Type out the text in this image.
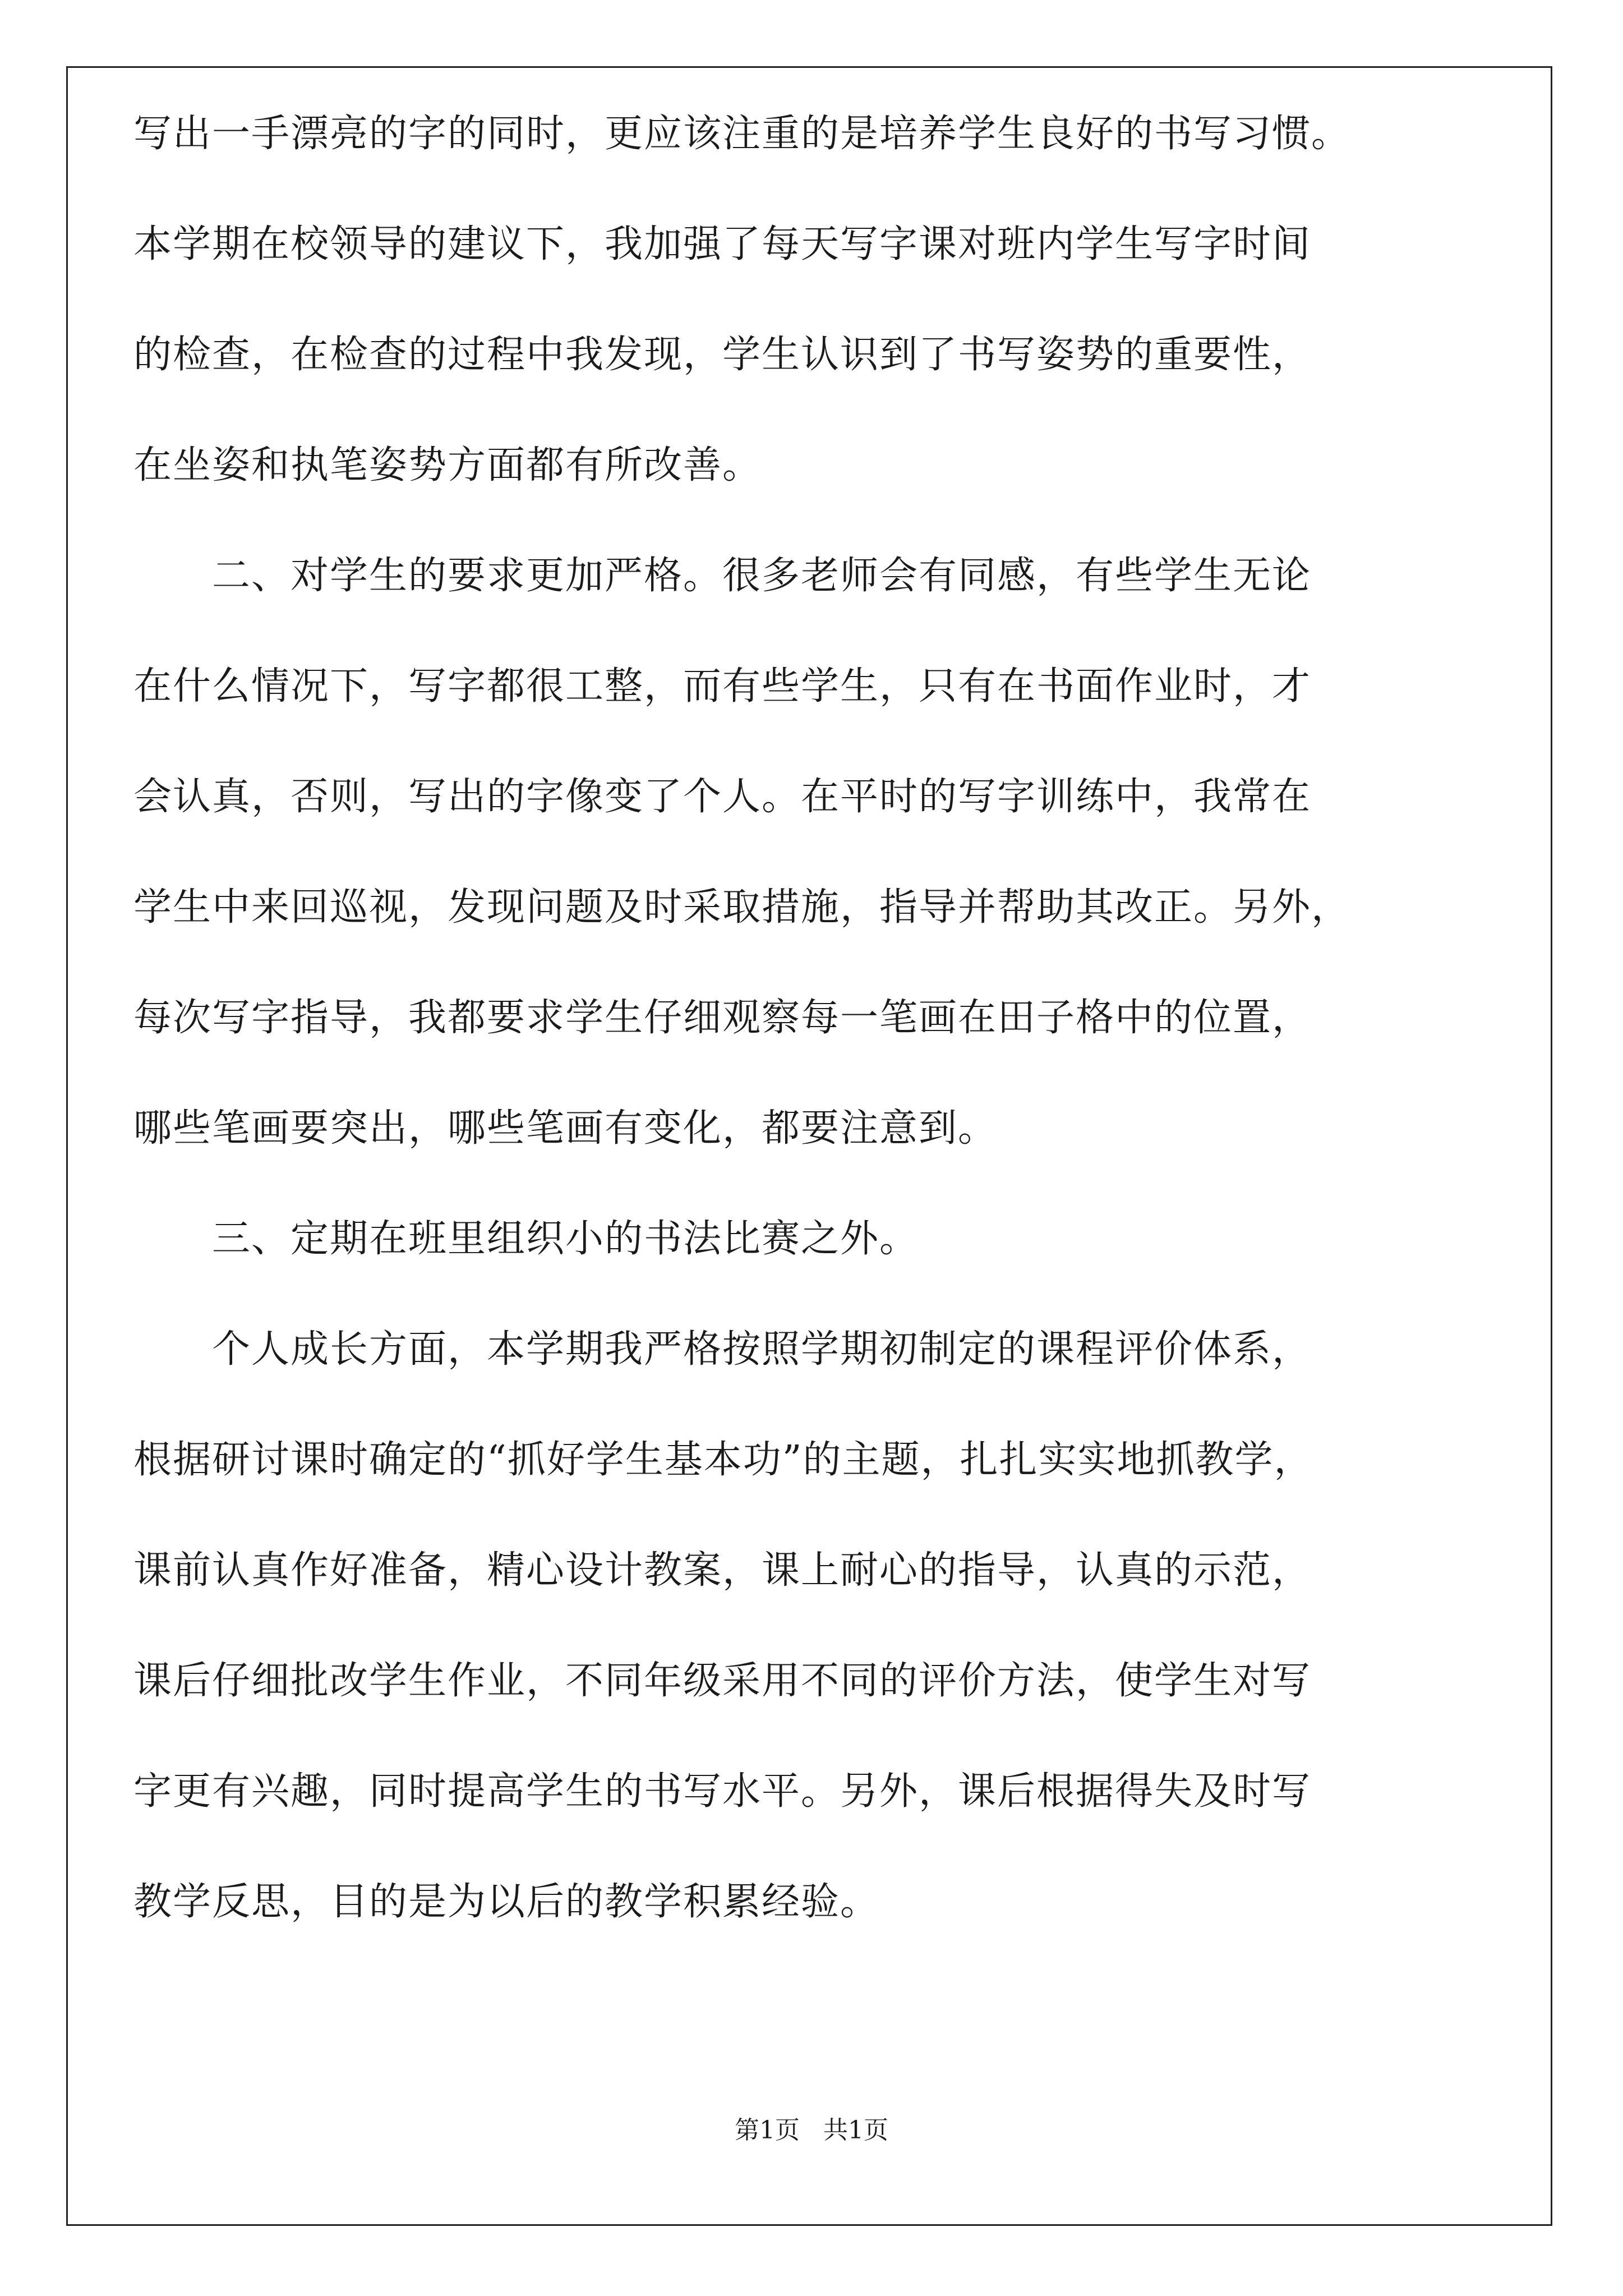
写出一手漂亮的字的同时，更应该注重的是培养学生良好的书写习惯。
本学期在校领导的建议下，我加强了每天写字课对班内学生写字时间
的检查，在检查的过程中我发现，学生认识到了书写姿势的重要性，
在坐姿和执笔姿势方面都有所改善。
二、对学生的要求更加严格。很多老师会有同感，有些学生无论
在什么情况下，写字都很工整，而有些学生，只有在书面作业时，才
会认真，否则，写出的字像变了个人。在平时的写字训练中，我常在
学生中来回巡视，发现问题及时采取措施，指导并帮助其改正。另外，
每次写字指导，我都要求学生仔细观察每一笔画在田子格中的位置，
哪些笔画要突出，哪些笔画有变化，都要注意到。
三、定期在班里组织小的书法比赛之外。
个人成长方面，本学期我严格按照学期初制定的课程评价体系，
根据研讨课时确定的“抓好学生基本功”的主题，扎扎实实地抓教学，
课前认真作好准备，精心设计教案，课上耐心的指导，认真的示范，
课后仔细批改学生作业，不同年级采用不同的评价方法，使学生对写
字更有兴趣，同时提高学生的书写水平。另外，课后根据得失及时写
教学反思，目的是为以后的教学积累经验。
第1页   共1页
